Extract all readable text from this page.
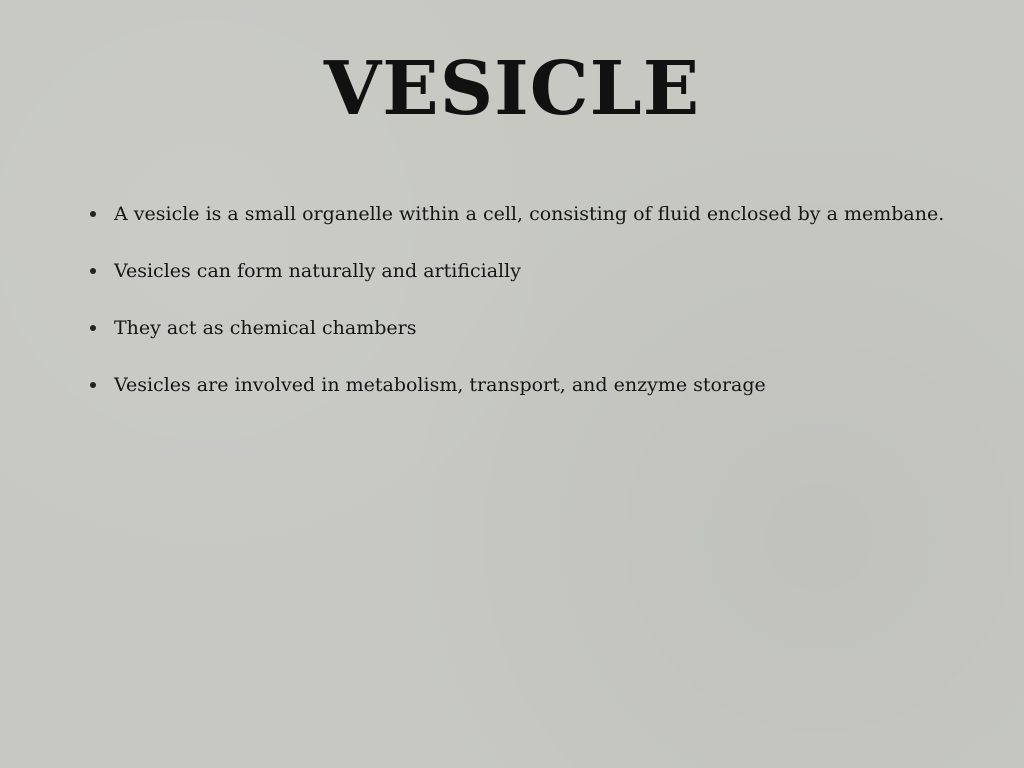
VESICLE
A vesicle is a small organelle within a cell, consisting of fluid enclosed by a membane.
Vesicles can form naturally and artificially
They act as chemical chambers
Vesicles are involved in metabolism, transport, and enzyme storage
